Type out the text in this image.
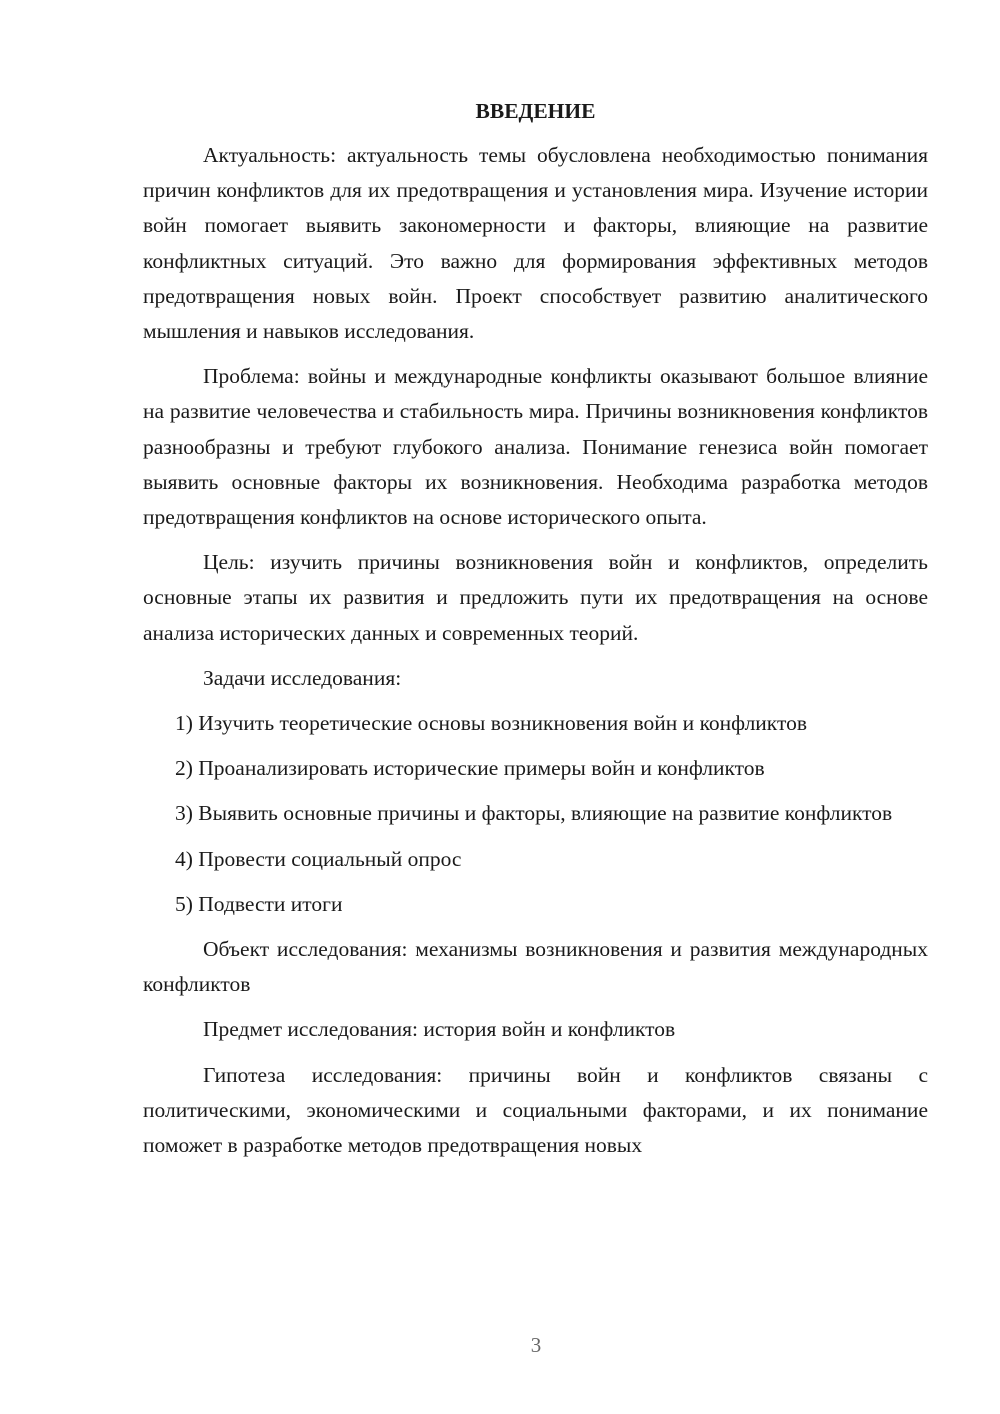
ВВЕДЕНИЕ

Актуальность: актуальность темы обусловлена необходимостью понимания причин конфликтов для их предотвращения и установления мира. Изучение истории войн помогает выявить закономерности и факторы, влияющие на развитие конфликтных ситуаций. Это важно для формирования эффективных методов предотвращения новых войн. Проект способствует развитию аналитического мышления и навыков исследования.

Проблема: войны и международные конфликты оказывают большое влияние на развитие человечества и стабильность мира. Причины возникновения конфликтов разнообразны и требуют глубокого анализа. Понимание генезиса войн помогает выявить основные факторы их возникновения. Необходима разработка методов предотвращения конфликтов на основе исторического опыта.

Цель: изучить причины возникновения войн и конфликтов, определить основные этапы их развития и предложить пути их предотвращения на основе анализа исторических данных и современных теорий.

Задачи исследования:

1) Изучить теоретические основы возникновения войн и конфликтов

2) Проанализировать исторические примеры войн и конфликтов

3) Выявить основные причины и факторы, влияющие на развитие конфликтов

4) Провести социальный опрос

5) Подвести итоги

Объект исследования: механизмы возникновения и развития международных конфликтов

Предмет исследования: история войн и конфликтов

Гипотеза исследования: причины войн и конфликтов связаны с политическими, экономическими и социальными факторами, и их понимание поможет в разработке методов предотвращения новых

3
